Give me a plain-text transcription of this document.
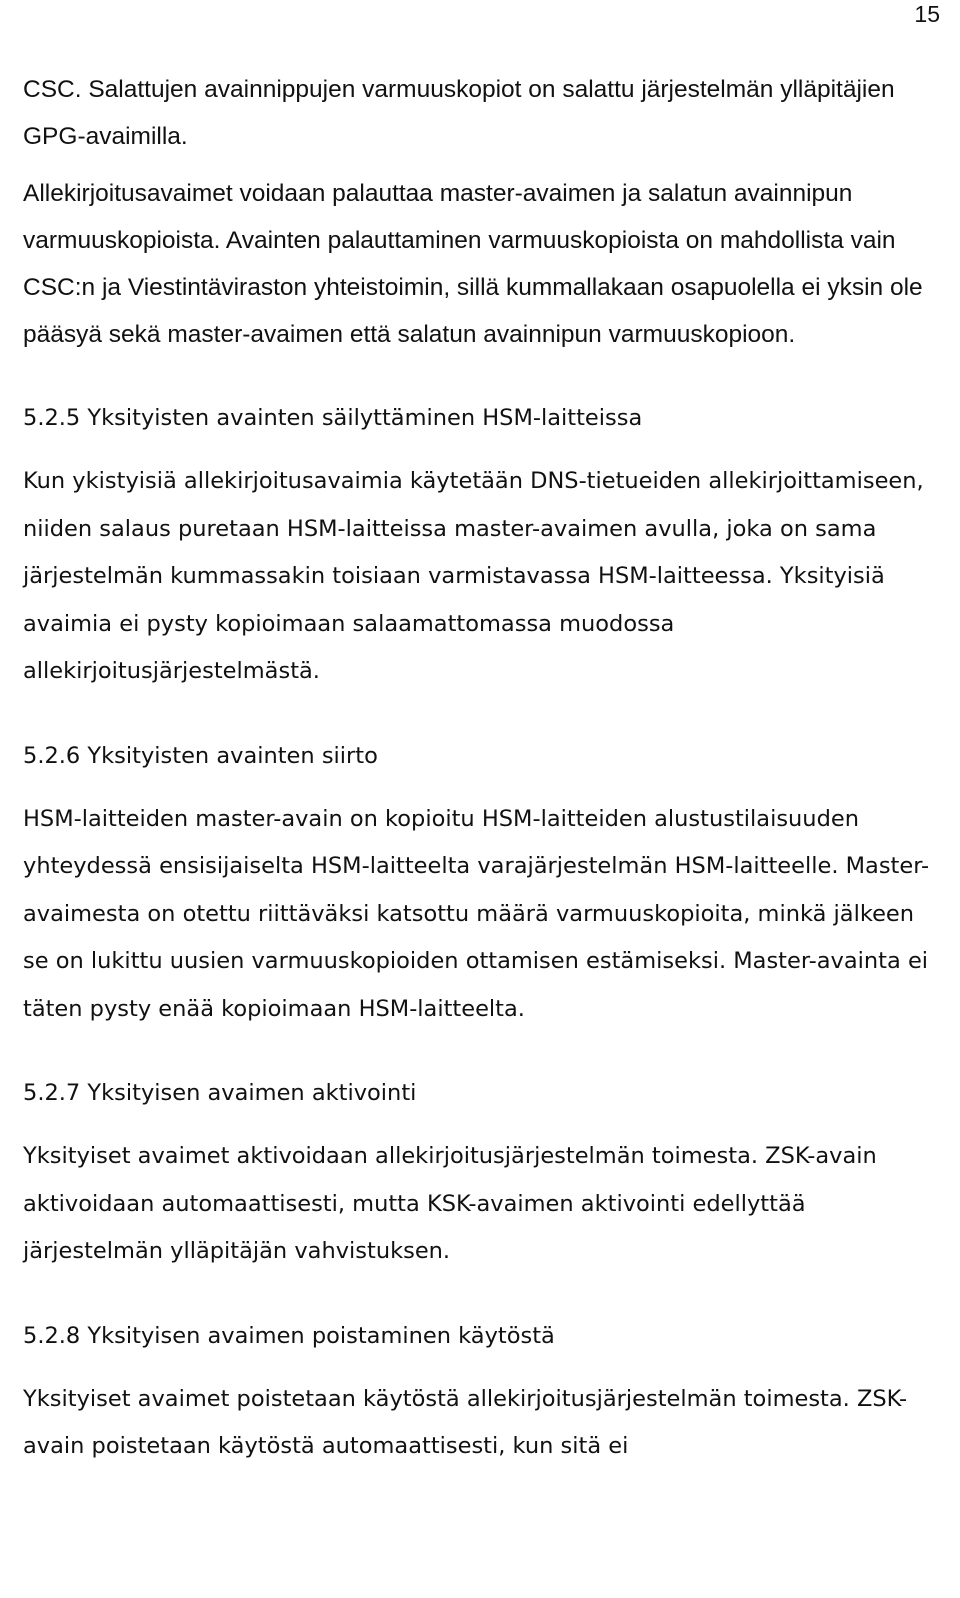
15

CSC. Salattujen avainnippujen varmuuskopiot on salattu järjestelmän ylläpitäjien GPG-avaimilla.

Allekirjoitusavaimet voidaan palauttaa master-avaimen ja salatun avainnipun varmuuskopioista. Avainten palauttaminen varmuuskopioista on mahdollista vain CSC:n ja Viestintäviraston yhteistoimin, sillä kummallakaan osapuolella ei yksin ole pääsyä sekä master-avaimen että salatun avainnipun varmuuskopioon.

5.2.5 Yksityisten avainten säilyttäminen HSM-laitteissa

Kun ykistyisiä allekirjoitusavaimia käytetään DNS-tietueiden allekirjoittamiseen, niiden salaus puretaan HSM-laitteissa master-avaimen avulla, joka on sama järjestelmän kummassakin toisiaan varmistavassa HSM-laitteessa. Yksityisiä avaimia ei pysty kopioimaan salaamattomassa muodossa allekirjoitusjärjestelmästä.

5.2.6 Yksityisten avainten siirto

HSM-laitteiden master-avain on kopioitu HSM-laitteiden alustustilaisuuden yhteydessä ensisijaiselta HSM-laitteelta varajärjestelmän HSM-laitteelle. Master-avaimesta on otettu riittäväksi katsottu määrä varmuuskopioita, minkä jälkeen se on lukittu uusien varmuuskopioiden ottamisen estämiseksi. Master-avainta ei täten pysty enää kopioimaan HSM-laitteelta.

5.2.7 Yksityisen avaimen aktivointi

Yksityiset avaimet aktivoidaan allekirjoitusjärjestelmän toimesta. ZSK-avain aktivoidaan automaattisesti, mutta KSK-avaimen aktivointi edellyttää järjestelmän ylläpitäjän vahvistuksen.

5.2.8 Yksityisen avaimen poistaminen käytöstä

Yksityiset avaimet poistetaan käytöstä allekirjoitusjärjestelmän toimesta. ZSK-avain poistetaan käytöstä automaattisesti, kun sitä ei
